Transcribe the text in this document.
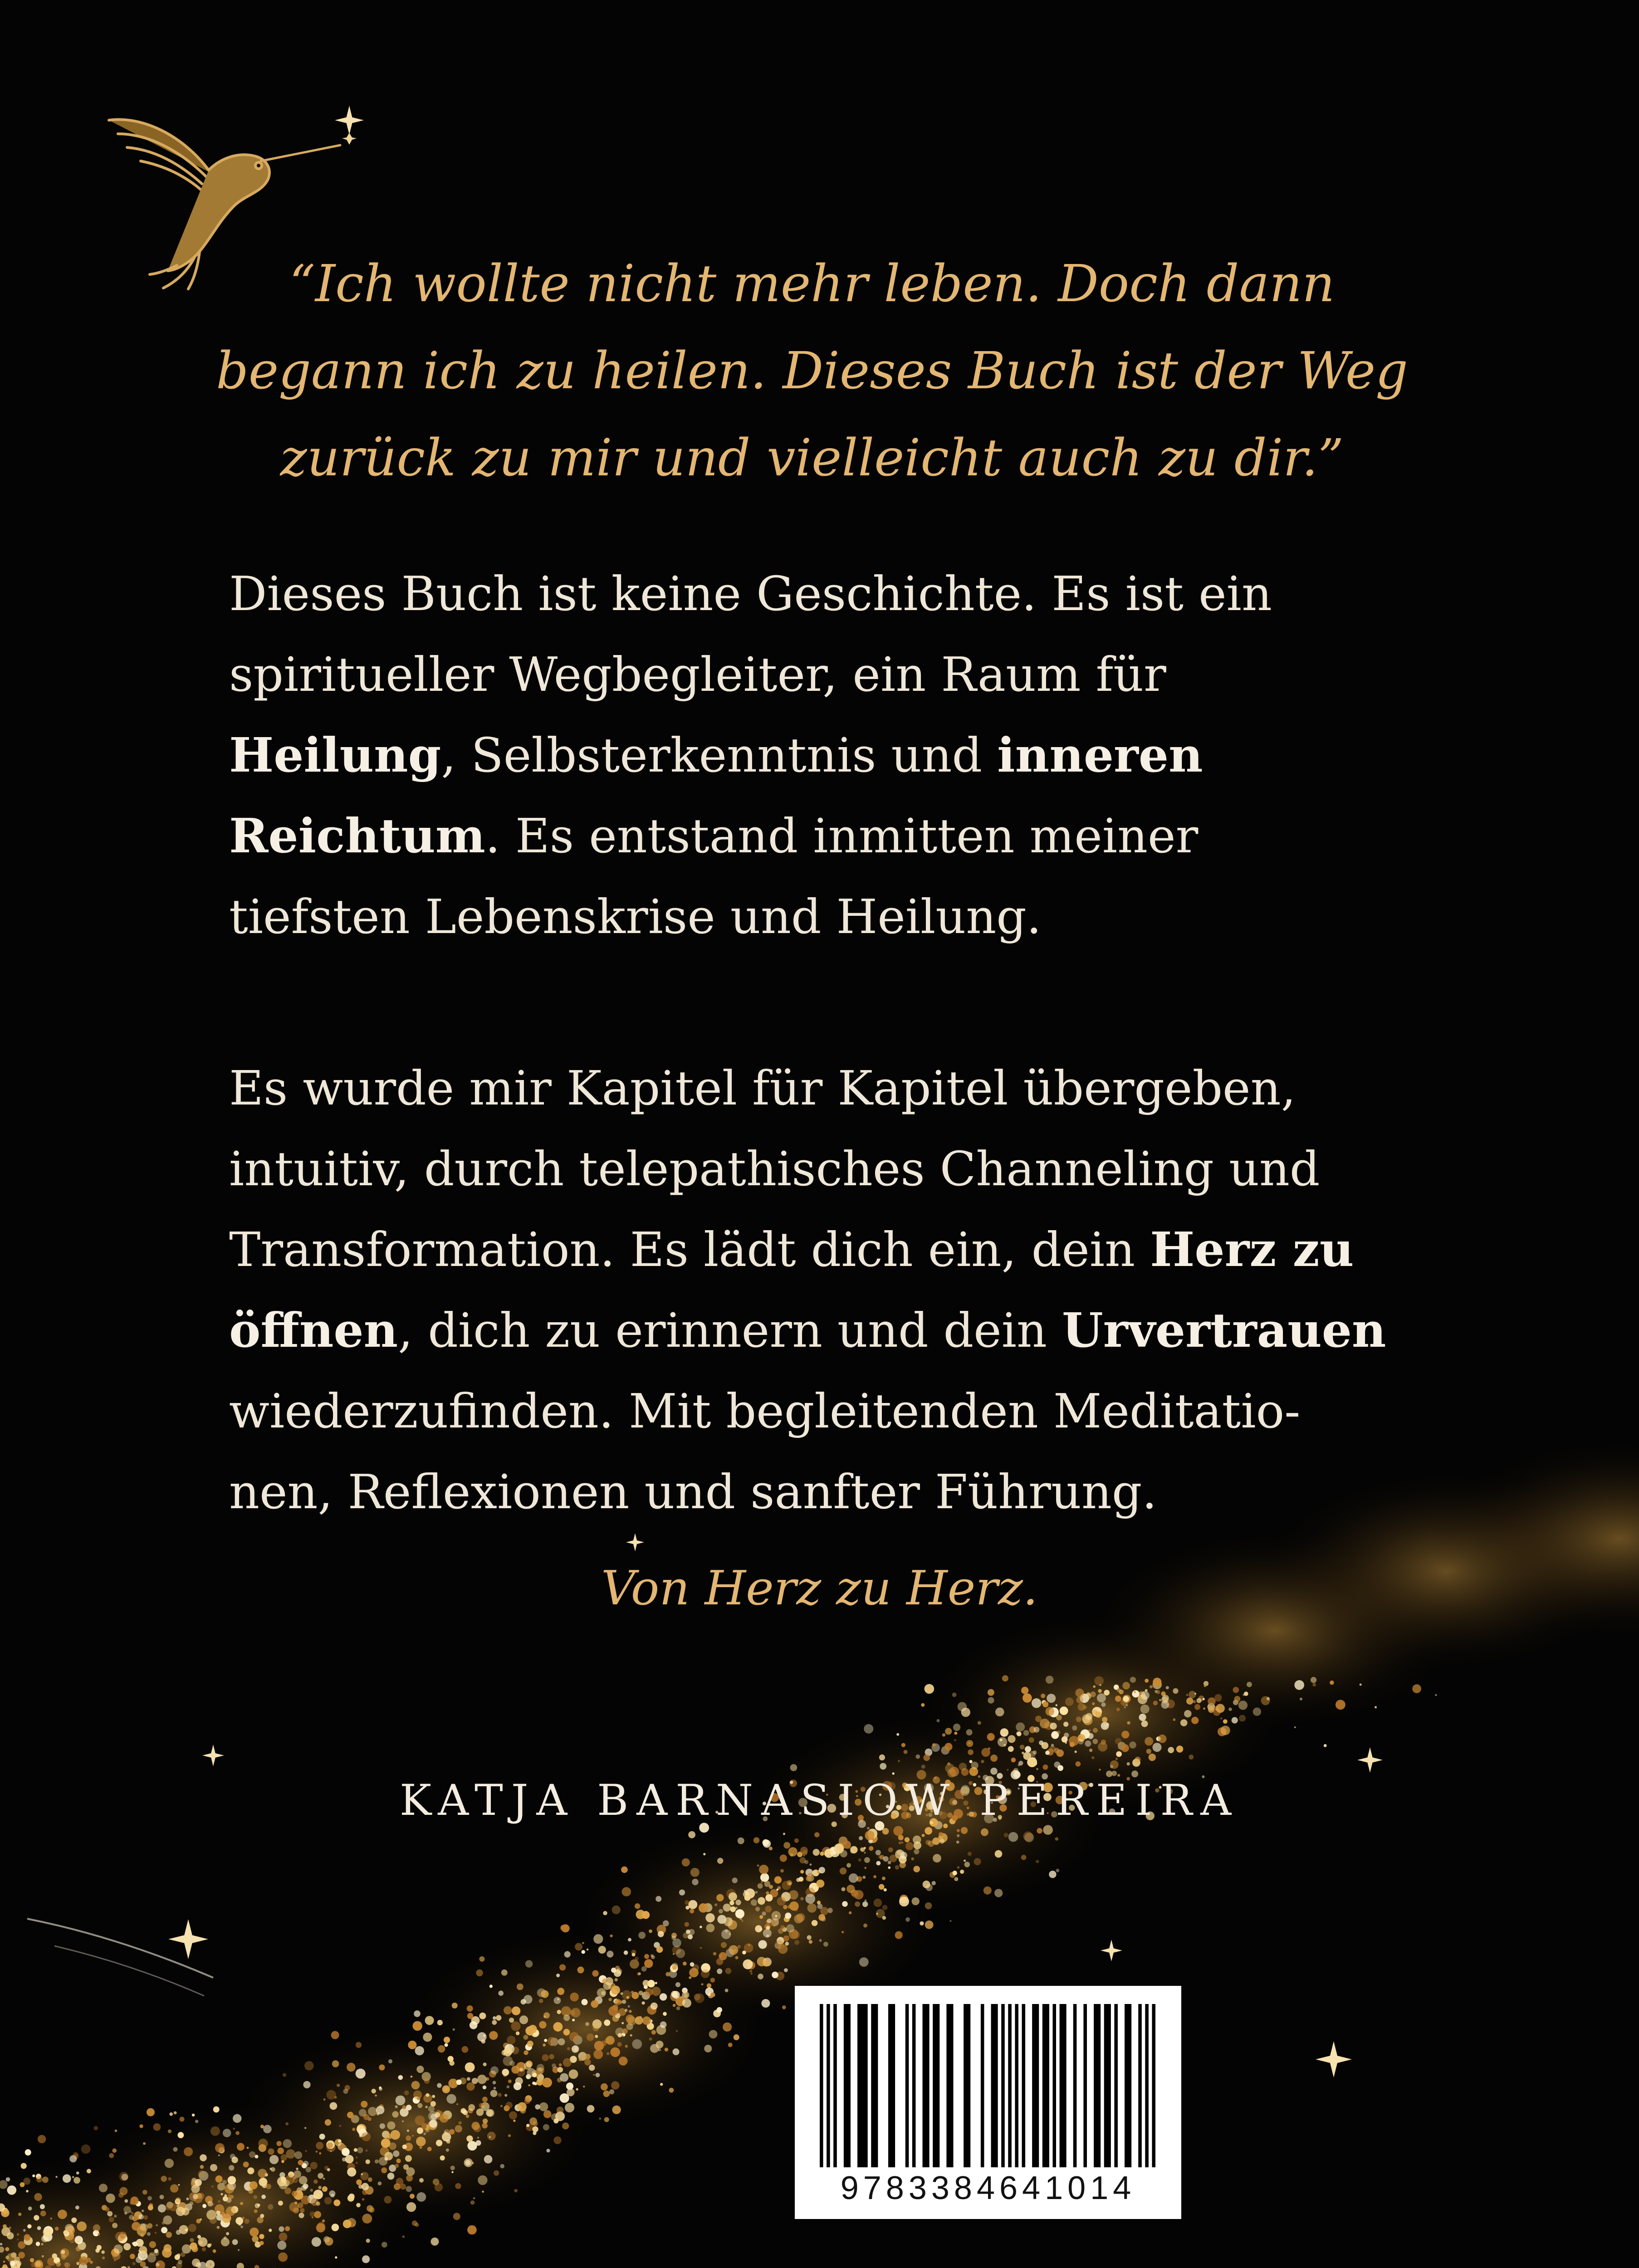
“Ich wollte nicht mehr leben. Doch dann
begann ich zu heilen. Dieses Buch ist der Weg
zurück zu mir und vielleicht auch zu dir.”
Dieses Buch ist keine Geschichte. Es ist ein
spiritueller Wegbegleiter, ein Raum für
Heilung, Selbsterkenntnis und inneren
Reichtum. Es entstand inmitten meiner
tiefsten Lebenskrise und Heilung.
Es wurde mir Kapitel für Kapitel übergeben,
intuitiv, durch telepathisches Channeling und
Transformation. Es lädt dich ein, dein Herz zu
öffnen, dich zu erinnern und dein Urvertrauen
wiederzufinden. Mit begleitenden Meditatio-
nen, Reflexionen und sanfter Führung.
Von Herz zu Herz.
KATJA BARNASIOW PEREIRA
9783384641014
